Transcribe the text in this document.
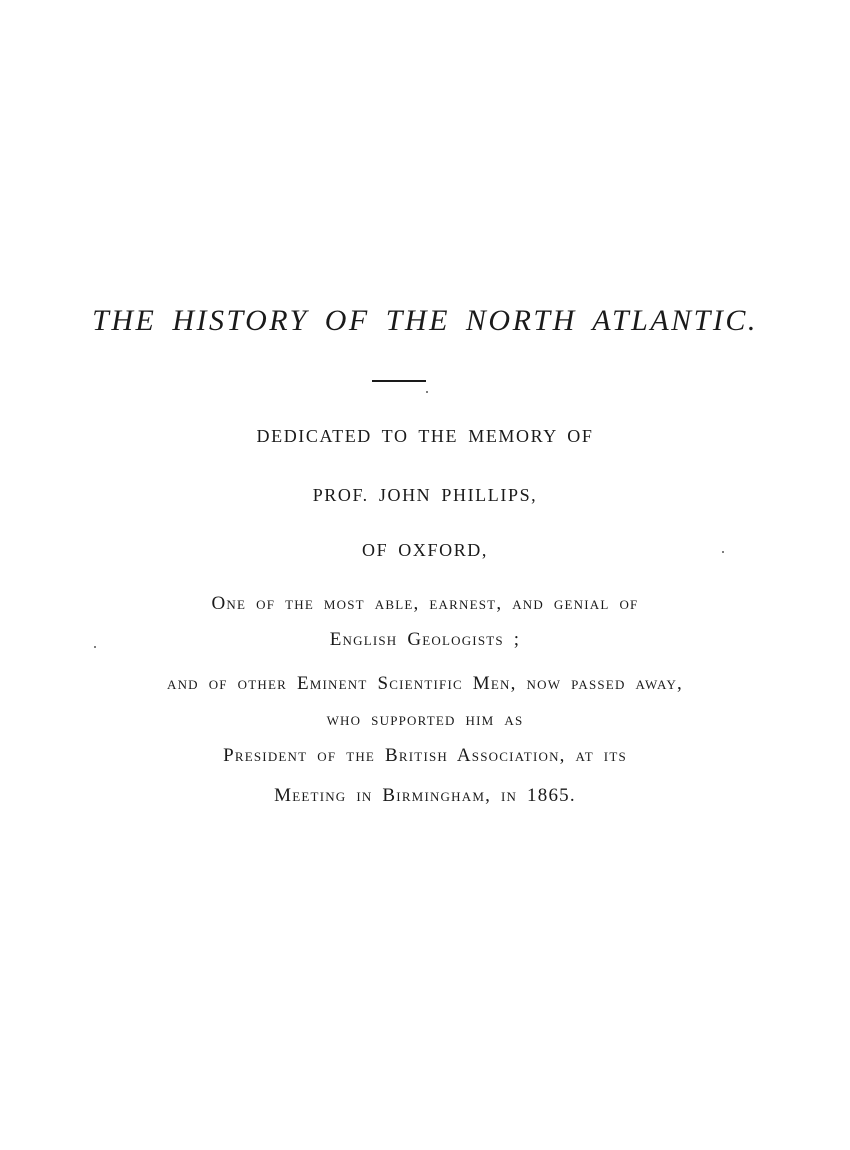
THE HISTORY OF THE NORTH ATLANTIC.
DEDICATED TO THE MEMORY OF
PROF. JOHN PHILLIPS,
OF OXFORD,
One of the most able, earnest, and genial of
English Geologists ;
and of other Eminent Scientific Men, now passed away,
who supported him as
President of the British Association, at its
Meeting in Birmingham, in 1865.
